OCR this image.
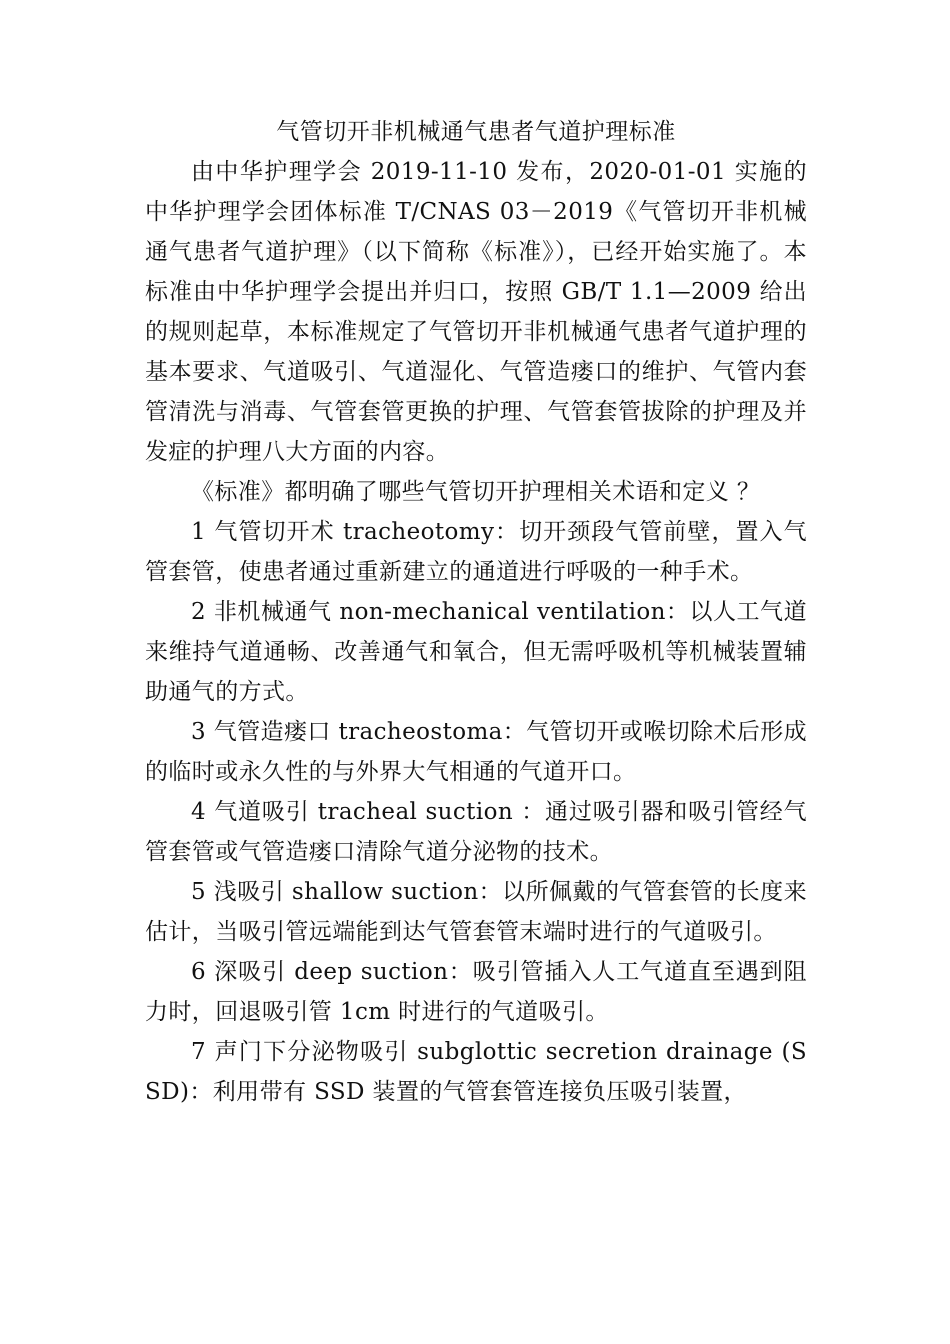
气管切开非机械通气患者气道护理标准

由中华护理学会 2019-11-10 发布，2020-01-01 实施的中华护理学会团体标准 T/CNAS 03－2019《气管切开非机械通气患者气道护理》（以下简称《标准》），已经开始实施了。本标准由中华护理学会提出并归口，按照 GB/T 1.1—2009 给出的规则起草，本标准规定了气管切开非机械通气患者气道护理的基本要求、气道吸引、气道湿化、气管造瘘口的维护、气管内套管清洗与消毒、气管套管更换的护理、气管套管拔除的护理及并发症的护理八大方面的内容。

《标准》都明确了哪些气管切开护理相关术语和定义 ？

1 气管切开术 tracheotomy：切开颈段气管前壁，置入气管套管，使患者通过重新建立的通道进行呼吸的一种手术。

2 非机械通气 non-mechanical ventilation：以人工气道来维持气道通畅、改善通气和氧合，但无需呼吸机等机械装置辅助通气的方式。

3 气管造瘘口 tracheostoma：气管切开或喉切除术后形成的临时或永久性的与外界大气相通的气道开口。

4 气道吸引 tracheal suction ：通过吸引器和吸引管经气管套管或气管造瘘口清除气道分泌物的技术。

5 浅吸引 shallow suction：以所佩戴的气管套管的长度来估计，当吸引管远端能到达气管套管末端时进行的气道吸引。

6 深吸引 deep suction：吸引管插入人工气道直至遇到阻力时，回退吸引管 1cm 时进行的气道吸引。

7 声门下分泌物吸引 subglottic secretion drainage (SSD)：利用带有 SSD 装置的气管套管连接负压吸引装置，
